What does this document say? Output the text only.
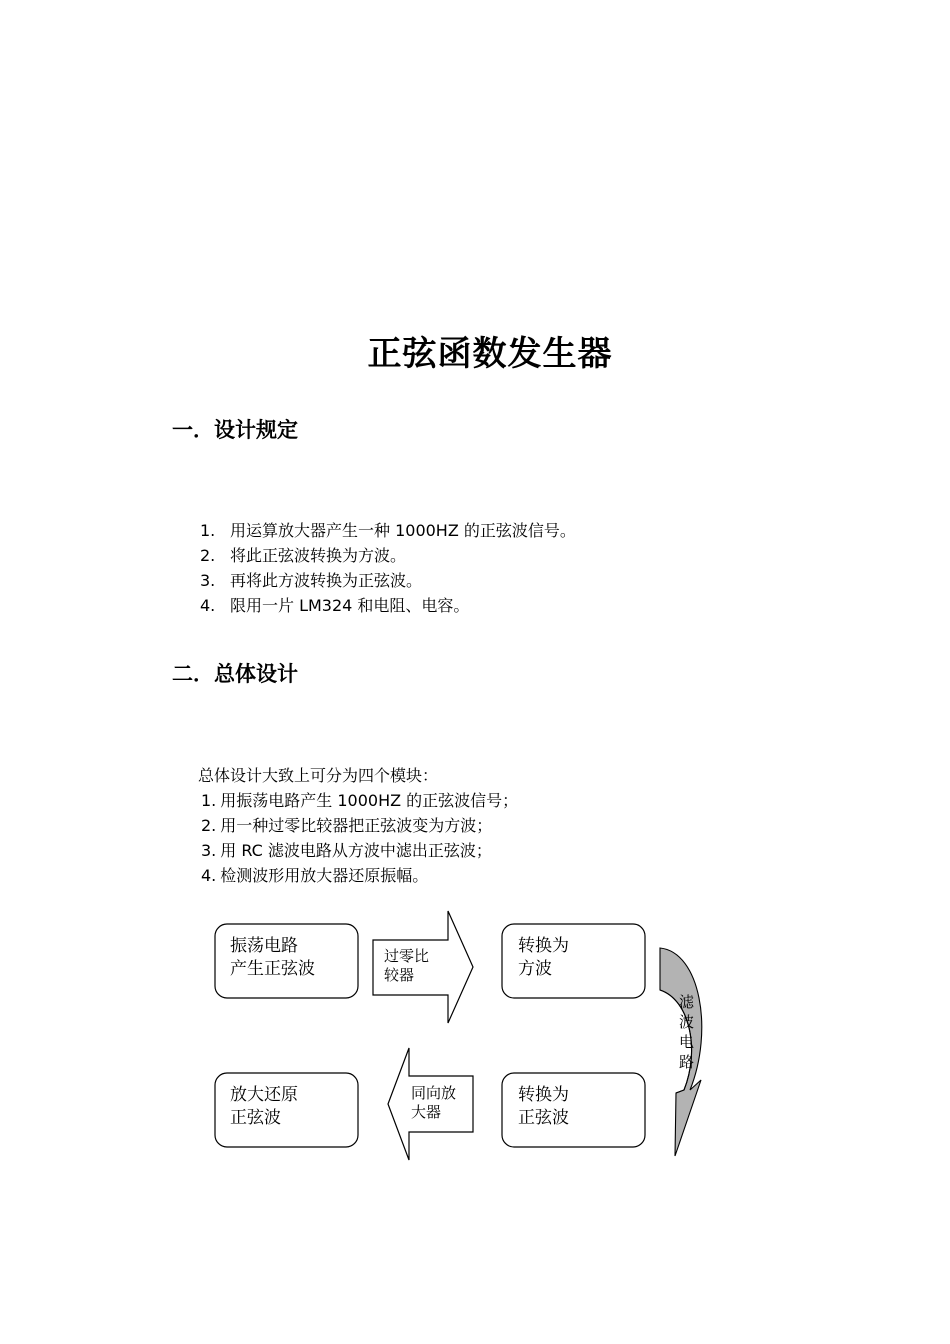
正弦函数发生器
一．设计规定
1. 用运算放大器产生一种 1000HZ 的正弦波信号。
2. 将此正弦波转换为方波。
3. 再将此方波转换为正弦波。
4. 限用一片 LM324 和电阻、电容。
二．总体设计
总体设计大致上可分为四个模块：
1. 用振荡电路产生 1000HZ 的正弦波信号；
2. 用一种过零比较器把正弦波变为方波；
3. 用 RC 滤波电路从方波中滤出正弦波；
4. 检测波形用放大器还原振幅。
振荡电路
产生正弦波
过零比
较器
转换为
方波
滤
波
电
路
转换为
正弦波
同向放
大器
放大还原
正弦波
